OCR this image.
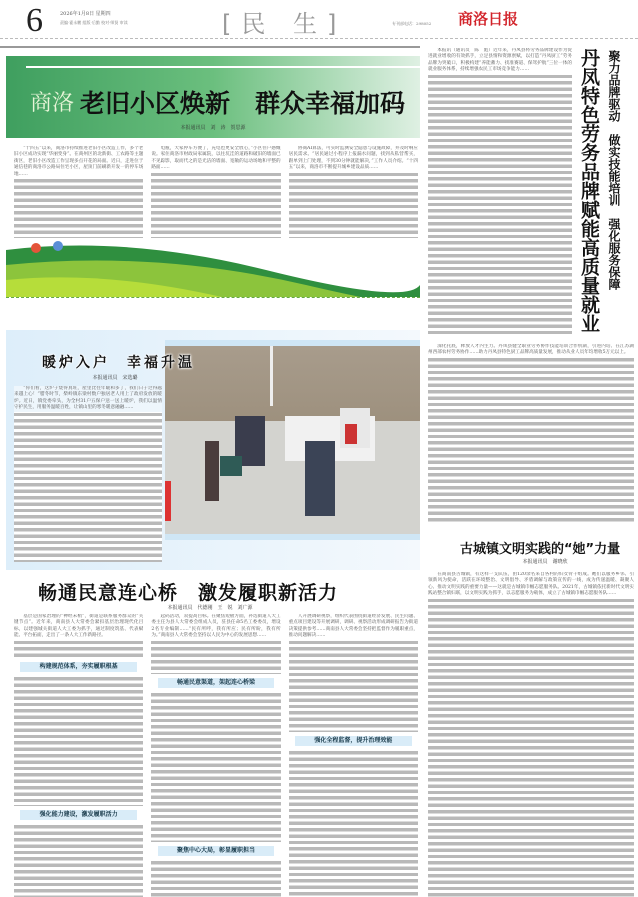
6	2026年1月8日 星期四
责编·霍永鹏 组版·后勤 校对·师贤 审读	[民 生]	专刊部电话：298052 商洛日报
商洛 老旧小区焕新　群众幸福加码
本报通讯员　刘　涛　贺思源

“十四五”以来，商洛市持续推进老旧小区改造工作，多个老旧小区成功实现“华丽变身”。在商州区的北新街、工农路等主题街区，老旧小区改造工作呈现多点开花的局面。近日，走进位于通信巷的商洛市公路局住宅小区，屋顶门前刷新开发一的停车场地……

电瓶，大家停车方便了，充电也更安全放心，”小区住户感慨说。家住商洛市财政局家属院，以往坑洼的道路和破旧的墙面已不见踪影，取而代之的是光洁的墙面、宽敞的运动场地和平整的路面……

协商AI算法，可实时监测安全隐患与设施故障，并及时响应居民需求。“居民通过小程序上报漏水问题，找到从私营帮买，跟单到上门处理，不到30分钟就能解决，”工作人员介绍。“十四五”以来，商洛市不断提升城乡建设品质……

暖炉入户　幸福升温
本报通讯员　宋选璐

“你们看，这炉子烧得真旺，屋里比往年暖和多了，我们日子过得越来越上心！”腊冬时节，柴岭镇东梁村数户独居老人用上了政府发放的暖炉。近日，镇党委牵头，为全村31户五保户送一送上暖炉，我们以温情守护民生，用服务温暖百姓，让镇山里的寒冬暖意融融……

畅通民意连心桥　激发履职新活力
本报通讯员　代德刚　王　锐　刘广源

基层是国家治理的“神经末梢”，街道是联系服务群众的“关键节点”。近年来，商南县人大常委会紧扣基层治理现代化目标，以建强城关街道人大工委为抓手，通过制度筑基、代表赋能、平台拓面，走出了一条人大工作新路径。

构建规范体系，夯实履职根基
强化能力建设，激发履职活力

起码活动，双提高目标。在聚焦短板方面，补选街道人大工委主任为县人大常委会组成人员，驻县任命5名工委委员，增设2名专业编制……“民有所呼，我有所应；民有所盼，我有所为。”商南县人大常委会坚持以人民为中心的发展思想……

畅通民意渠道，架起连心桥梁
聚焦中心大局，彰显履职担当

人开展调研视察，组织代表围绕街道经济发展、民生问题、重点项目建设等开展调研，调研、视察活动形成调研报告为街道决策提供参考……商南县人大常委会坚持把监督作为履职重点，推动问题解决……

强化全程监督，提升治理效能

本报讯（通讯员　陈　彪）近年来，丹凤县将劳务品牌建设作为促进就业增收的有效抓手，立足县情和资源禀赋，以打造“丹凤厨工”劳务品牌为突破口，积极构建“养能蓄力、找准赛道、保驾护航”三位一体的就业服务体系，持续增强农民工市场竞争能力……	丹凤特色劳务品牌赋能高质量就业 聚力品牌驱动　做实技能培训　强化服务保障

深化托底，释放人才内生力。丹凤县健全职业劳务协作技能培训合作机制，引进内培、在江苏湖州西部农村劳务协作……助力丹凤县特色厨工品牌高质量发展，推动从业人员年均增收5万元以上。

古城镇文明实践的“她”力量
本报通讯员　谢晓欣

在商南县古城镇，有这样一支队伍，由120余名来自各村的妇女骨干组成。她们以服务乡邻、引领新风为使命，活跃在环境整治、文明倡导、矛盾调解与政策宣传的一线，成为传递温暖、凝聚人心、推动文明实践的重要力量——这就是古城镇巾帼志愿服务队。2021年，古城镇依托新时代文明实践站整合镇妇联，以文明实践为抓手，以志愿服务为载体，成立了古城镇巾帼志愿服务队……
